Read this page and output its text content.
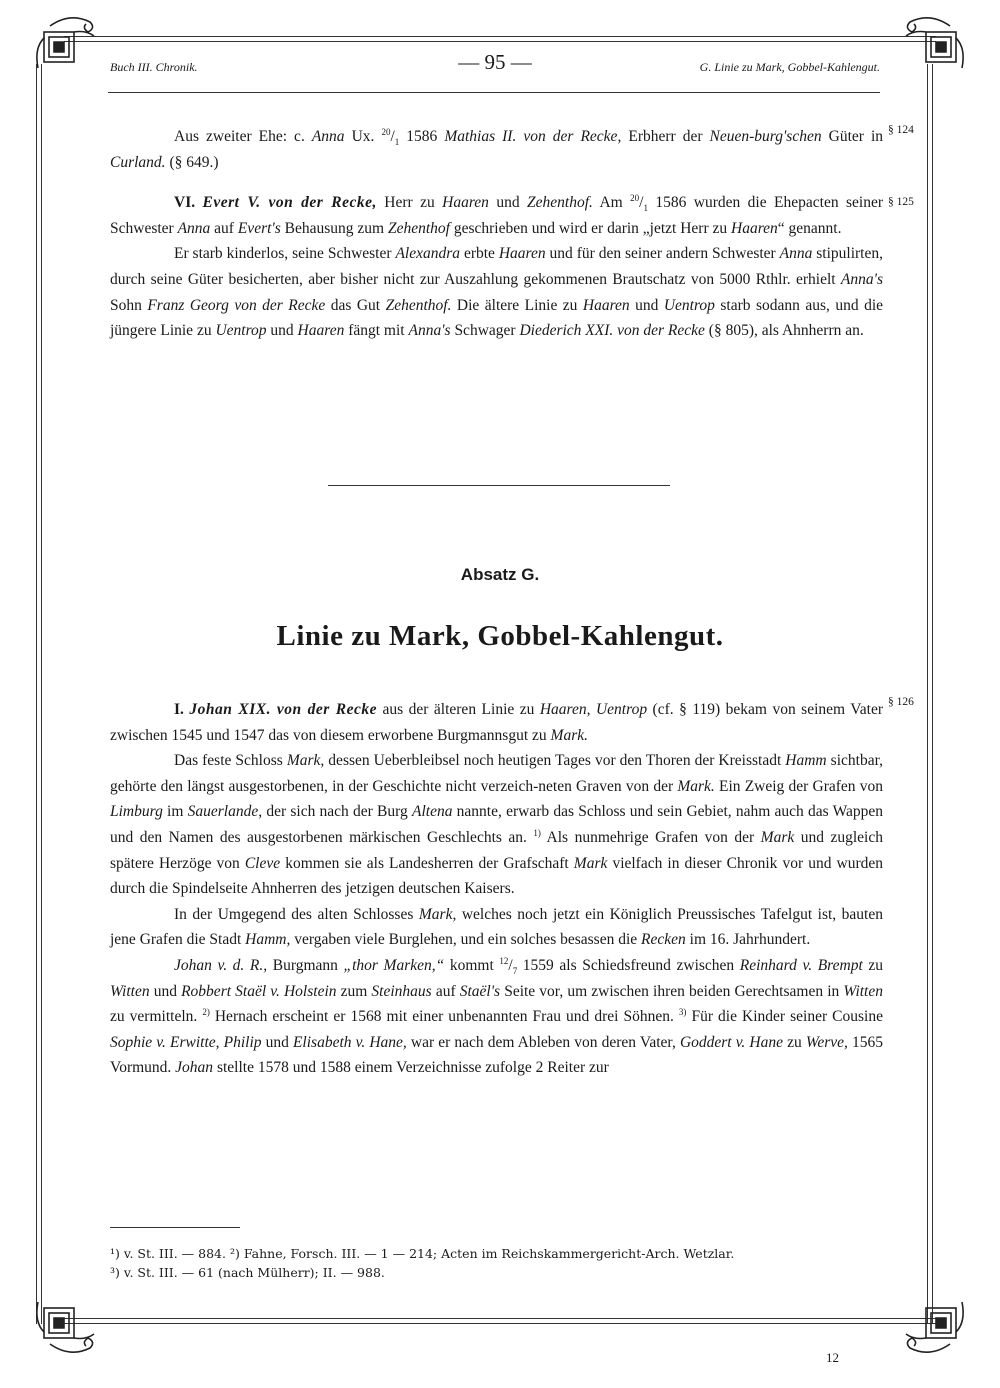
Buch III. Chronik.	— 95 —	G. Linie zu Mark, Gobbel-Kahlengut.
§ 124
§ 125
§ 126

Aus zweiter Ehe: c. Anna Ux. $^{20}/_1$ 1586 Mathias II. von der Recke, Erbherr der Neuen-burg'schen Güter in Curland. (§ 649.)

VI. Evert V. von der Recke, Herr zu Haaren und Zehenthof. Am $^{20}/_1$ 1586 wurden die Ehepacten seiner Schwester Anna auf Evert's Behausung zum Zehenthof geschrieben und wird er darin „jetzt Herr zu Haaren“ genannt.

Er starb kinderlos, seine Schwester Alexandra erbte Haaren und für den seiner andern Schwester Anna stipulirten, durch seine Güter besicherten, aber bisher nicht zur Auszahlung gekommenen Brautschatz von 5000 Rthlr. erhielt Anna's Sohn Franz Georg von der Recke das Gut Zehenthof. Die ältere Linie zu Haaren und Uentrop starb sodann aus, und die jüngere Linie zu Uentrop und Haaren fängt mit Anna's Schwager Diederich XXI. von der Recke (§ 805), als Ahnherrn an.

Absatz G.
Linie zu Mark, Gobbel-Kahlengut.

I. Johan XIX. von der Recke aus der älteren Linie zu Haaren, Uentrop (cf. § 119) bekam von seinem Vater zwischen 1545 und 1547 das von diesem erworbene Burgmannsgut zu Mark.

Das feste Schloss Mark, dessen Ueberbleibsel noch heutigen Tages vor den Thoren der Kreisstadt Hamm sichtbar, gehörte den längst ausgestorbenen, in der Geschichte nicht verzeich-neten Graven von der Mark. Ein Zweig der Grafen von Limburg im Sauerlande, der sich nach der Burg Altena nannte, erwarb das Schloss und sein Gebiet, nahm auch das Wappen und den Namen des ausgestorbenen märkischen Geschlechts an. $^{1)}$ Als nunmehrige Grafen von der Mark und zugleich spätere Herzöge von Cleve kommen sie als Landesherren der Grafschaft Mark vielfach in dieser Chronik vor und wurden durch die Spindelseite Ahnherren des jetzigen deutschen Kaisers.

In der Umgegend des alten Schlosses Mark, welches noch jetzt ein Königlich Preussisches Tafelgut ist, bauten jene Grafen die Stadt Hamm, vergaben viele Burglehen, und ein solches besassen die Recken im 16. Jahrhundert.

Johan v. d. R., Burgmann „thor Marken,“ kommt $^{12}/_7$ 1559 als Schiedsfreund zwischen Reinhard v. Brempt zu Witten und Robbert Staël v. Holstein zum Steinhaus auf Staël's Seite vor, um zwischen ihren beiden Gerechtsamen in Witten zu vermitteln. $^{2)}$ Hernach erscheint er 1568 mit einer unbenannten Frau und drei Söhnen. $^{3)}$ Für die Kinder seiner Cousine Sophie v. Erwitte, Philip und Elisabeth v. Hane, war er nach dem Ableben von deren Vater, Goddert v. Hane zu Werve, 1565 Vormund. Johan stellte 1578 und 1588 einem Verzeichnisse zufolge 2 Reiter zur

¹) v. St. III. — 884. ²) Fahne, Forsch. III. — 1 — 214; Acten im Reichskammergericht-Arch. Wetzlar.
³) v. St. III. — 61 (nach Mülherr); II. — 988.
12
